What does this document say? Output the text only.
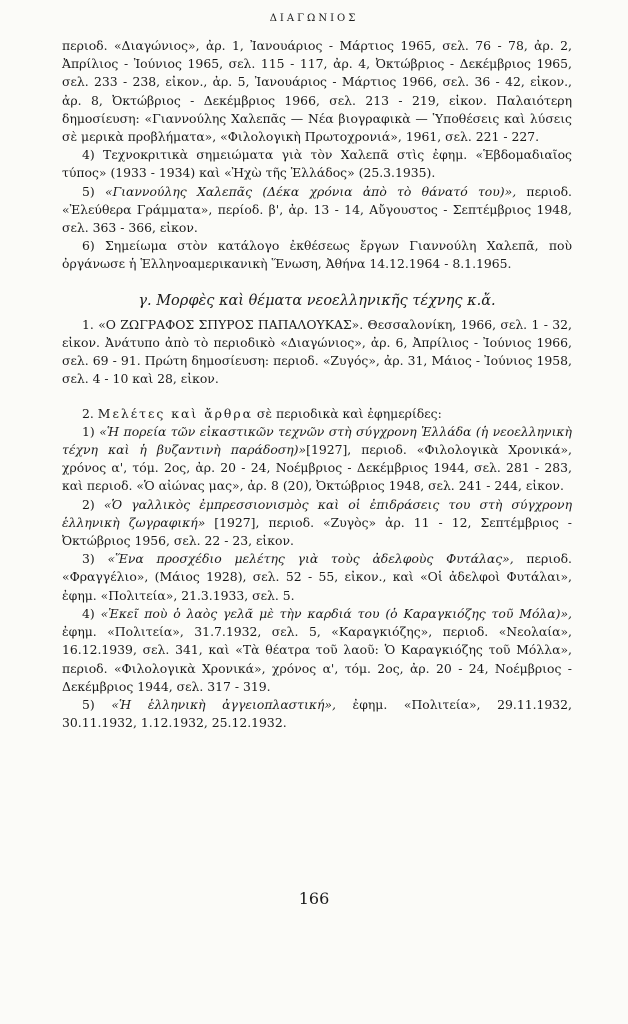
ΔΙΑΓΩΝΙΟΣ

περιοδ. «Διαγώνιος», ἀρ. 1, Ἰανουάριος - Μάρτιος 1965, σελ. 76 - 78, ἀρ. 2, Ἀπρίλιος - Ἰούνιος 1965, σελ. 115 - 117, ἀρ. 4, Ὀκτώβριος - Δεκέμβριος 1965, σελ. 233 - 238, εἰκον., ἀρ. 5, Ἰανουάριος - Μάρτιος 1966, σελ. 36 - 42, εἰκον., ἀρ. 8, Ὀκτώβριος - Δεκέμβριος 1966, σελ. 213 - 219, εἰκον. Παλαιότερη δημοσίευση: «Γιαννούλης Χαλεπᾶς — Νέα βιογραφικὰ — Ὑποθέσεις καὶ λύσεις σὲ μερικὰ προβλήματα», «Φιλολογικὴ Πρωτοχρονιά», 1961, σελ. 221 - 227.

4) Τεχνοκριτικὰ σημειώματα γιὰ τὸν Χαλεπᾶ στὶς ἐφημ. «Ἑβδομαδιαῖος τύπος» (1933 - 1934) καὶ «Ἠχὼ τῆς Ἑλλάδος» (25.3.1935).

5) «Γιαννούλης Χαλεπᾶς (Δέκα χρόνια ἀπὸ τὸ θάνατό του)», περιοδ. «Ἐλεύθερα Γράμματα», περίοδ. β', ἀρ. 13 - 14, Αὔγουστος - Σεπτέμβριος 1948, σελ. 363 - 366, εἰκον.

6) Σημείωμα στὸν κατάλογο ἐκθέσεως ἔργων Γιαννούλη Χαλεπᾶ, ποὺ ὀργάνωσε ἡ Ἑλληνοαμερικανικὴ Ἕνωση, Ἀθήνα 14.12.1964 - 8.1.1965.

γ. Μορφὲς καὶ θέματα νεοελληνικῆς τέχνης κ.ἄ.

1. «Ο ΖΩΓΡΑΦΟΣ ΣΠΥΡΟΣ ΠΑΠΑΛΟΥΚΑΣ». Θεσσαλονίκη, 1966, σελ. 1 - 32, εἰκον. Ἀνάτυπο ἀπὸ τὸ περιοδικὸ «Διαγώνιος», ἀρ. 6, Ἀπρίλιος - Ἰούνιος 1966, σελ. 69 - 91. Πρώτη δημοσίευση: περιοδ. «Ζυγός», ἀρ. 31, Μάιος - Ἰούνιος 1958, σελ. 4 - 10 καὶ 28, εἰκον.

2. Μελέτες καὶ ἄρθρα σὲ περιοδικὰ καὶ ἐφημερίδες:

1) «Ἡ πορεία τῶν εἰκαστικῶν τεχνῶν στὴ σύγχρονη Ἑλλάδα (ἡ νεοελληνικὴ τέχνη καὶ ἡ βυζαντινὴ παράδοση)»[1927], περιοδ. «Φιλολογικὰ Χρονικά», χρόνος α', τόμ. 2ος, ἀρ. 20 - 24, Νοέμβριος - Δεκέμβριος 1944, σελ. 281 - 283, καὶ περιοδ. «Ὁ αἰώνας μας», ἀρ. 8 (20), Ὀκτώβριος 1948, σελ. 241 - 244, εἰκον.

2) «Ὁ γαλλικὸς ἐμπρεσσιονισμὸς καὶ οἱ ἐπιδράσεις του στὴ σύγχρονη ἑλληνικὴ ζωγραφική» [1927], περιοδ. «Ζυγὸς» ἀρ. 11 - 12, Σεπτέμβριος - Ὀκτώβριος 1956, σελ. 22 - 23, εἰκον.

3) «Ἕνα προσχέδιο μελέτης γιὰ τοὺς ἀδελφοὺς Φυτάλας», περιοδ. «Φραγγέλιο», (Μάιος 1928), σελ. 52 - 55, εἰκον., καὶ «Οἱ ἀδελφοὶ Φυτάλαι», ἐφημ. «Πολιτεία», 21.3.1933, σελ. 5.

4) «Ἐκεῖ ποὺ ὁ λαὸς γελᾶ μὲ τὴν καρδιά του (ὁ Καραγκιόζης τοῦ Μόλα)», ἐφημ. «Πολιτεία», 31.7.1932, σελ. 5, «Καραγκιόζης», περιοδ. «Νεολαία», 16.12.1939, σελ. 341, καὶ «Τὰ θέατρα τοῦ λαοῦ: Ὁ Καραγκιόζης τοῦ Μόλλα», περιοδ. «Φιλολογικὰ Χρονικά», χρόνος α', τόμ. 2ος, ἀρ. 20 - 24, Νοέμβριος - Δεκέμβριος 1944, σελ. 317 - 319.

5) «Ἡ ἑλληνικὴ ἀγγειοπλαστική», ἐφημ. «Πολιτεία», 29.11.1932, 30.11.1932, 1.12.1932, 25.12.1932.

166
